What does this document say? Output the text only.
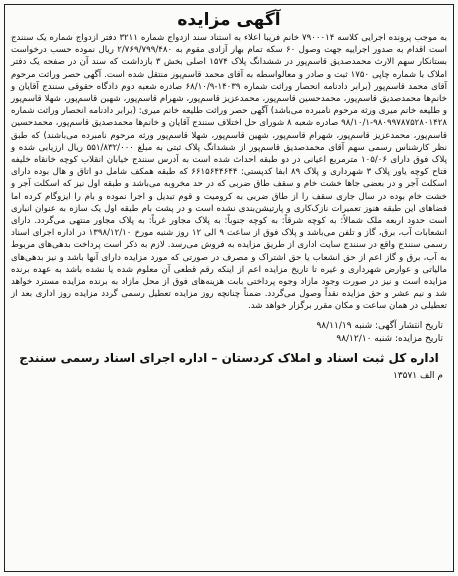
آگهی مزایده

به موجب پرونده اجرایی کلاسه ۷۹۰۰۰۱۴ خانم فریبا اعلاء به استناد سند ازدواج شماره ۳۲۱۱ دفتر ازدواج شماره یک سنندج است اقدام به صدور اجراییه جهت وصول ۶۰ سکه تمام بهار آزادی مقوم به ۲/۷۶۹/۷۹۹/۴۸۰ ریال نموده حسب درخواست بستانکار سهم الارث محمدصدیق قاسم‌پور در ششدانگ پلاک ۱۵۷۴ اصلی بخش ۳ بازداشت که سند آن در صفحه یک دفتر املاک با شماره چاپی ۱۷۵۰ ثبت و صادر و معالواسطه به آقای محمد قاسم‌پور منتقل شده است. آگهی حصر وراثت مرحوم آقای محمد قاسم‌پور (برابر دادنامه انحصار وراثت شماره ۱۴۰۳۹-۶۸/۱۰/۹ صادره شعبه دوم دادگاه حقوقی سنندج آقایان و خانم‌ها محمدصدیق قاسم‌پور، محمدحسین قاسم‌پور، محمدعزیز قاسم‌پور، شهرام قاسم‌پور، شهین قاسم‌پور، شهلا قاسم‌پور و طلیعه خانم میری ورثه مرحوم نامبرده می‌باشد) آگهی حصر وراثت طلیعه خانم میری: (برابر دادنامه انحصار وراثت شماره ۹۸۰۹۹۷۸۷۵۲۸۰۱۴۲۸-۹۸/۱۰/۱ صادره شعبه ۸ شورای حل اختلاف سنندج آقایان و خانم‌ها محمدصدیق قاسم‌پور، محمدحسین قاسم‌پور، محمدعزیز قاسم‌پور، شهرام قاسم‌پور، شهین قاسم‌پور، شهلا قاسم‌پور ورثه مرحوم نامبرده می‌باشند) که طبق نظر کارشناس رسمی سهم آقای محمدصدیق قاسم‌پور از ششدانگ پلاک ثبتی به مبلغ ۵۵۱/۸۳۲/۰۰۰ ریال ارزیابی شده و پلاک فوق دارای ۱۰۵/۰۶ مترمربع اعیانی در دو طبقه احداث شده است به آدرس سنندج خیابان انقلاب کوچه خانقاه خلیفه فتاح کوچه یاور پلاک ۳ شهرداری و پلاک ۸۹ ابفا کدپستی: ۶۶۱۵۶۴۴۶۴۴ که طبقه همکف شامل دو اتاق و هال بوده دارای اسکلت آجر و در بعضی جاها خشت خام و سقف طاق ضربی که در حد مخروبه می‌باشد و طبقه اول نیز که اسکلت آجر و خشت خام بوده در سال جاری سقف را از طاق ضربی به کرومیت و قوم تبدیل و اجرا نموده و بام را ایزوگام کرده اما فضاهای این طبقه هنوز تعمیرات نازک‌کاری و پارتیشن‌بندی نشده است و در پشت بام طبقه اول یک سازه به عنوان انباری است حدود اربعه ملک شمالاً: به کوچه شرقاً: به کوچه جنوباً: به پلاک مجاور غرباً: به پلاک مجاور منتهی می‌گردد. دارای انشعابات آب، برق، گاز و تلفن می‌باشد و پلاک فوق از ساعت ۹ الی ۱۲ روز شنبه مورخ ۱۳۹۸/۱۲/۱۰ در اداره اجرای اسناد رسمی سنندج واقع در سنندج سایت اداری از طریق مزایده به فروش می‌رسد. لازم به ذکر است پرداخت بدهی‌های مربوط به آب، برق و گاز اعم از حق انشعاب یا حق اشتراک و مصرف در صورتی که مورد مزایده دارای آنها باشد و نیز بدهی‌های مالیاتی و عوارض شهرداری و غیره تا تاریخ مزایده اعم از اینکه رقم قطعی آن معلوم شده یا نشده باشد به عهده برنده مزایده است و نیز در صورت وجود مازاد وجوه پرداختی بابت هزینه‌های فوق از محل مازاد به برنده مزایده مسترد خواهد شد و نیم عشر و حق مزایده نقداً وصول می‌گردد. ضمناً چنانچه روز مزایده تعطیل رسمی گردد مزایده روز اداری بعد از تعطیلی در همان ساعت و مکان مقرر برگزار خواهد شد.

تاریخ انتشار آگهی: شنبه ۹۸/۱۱/۱۹
تاریخ مزایده: شنبه ۹۸/۱۲/۱۰
اداره کل ثبت اسناد و املاک کردستان – اداره اجرای اسناد رسمی سنندج
م الف ۱۳۵۷۱
